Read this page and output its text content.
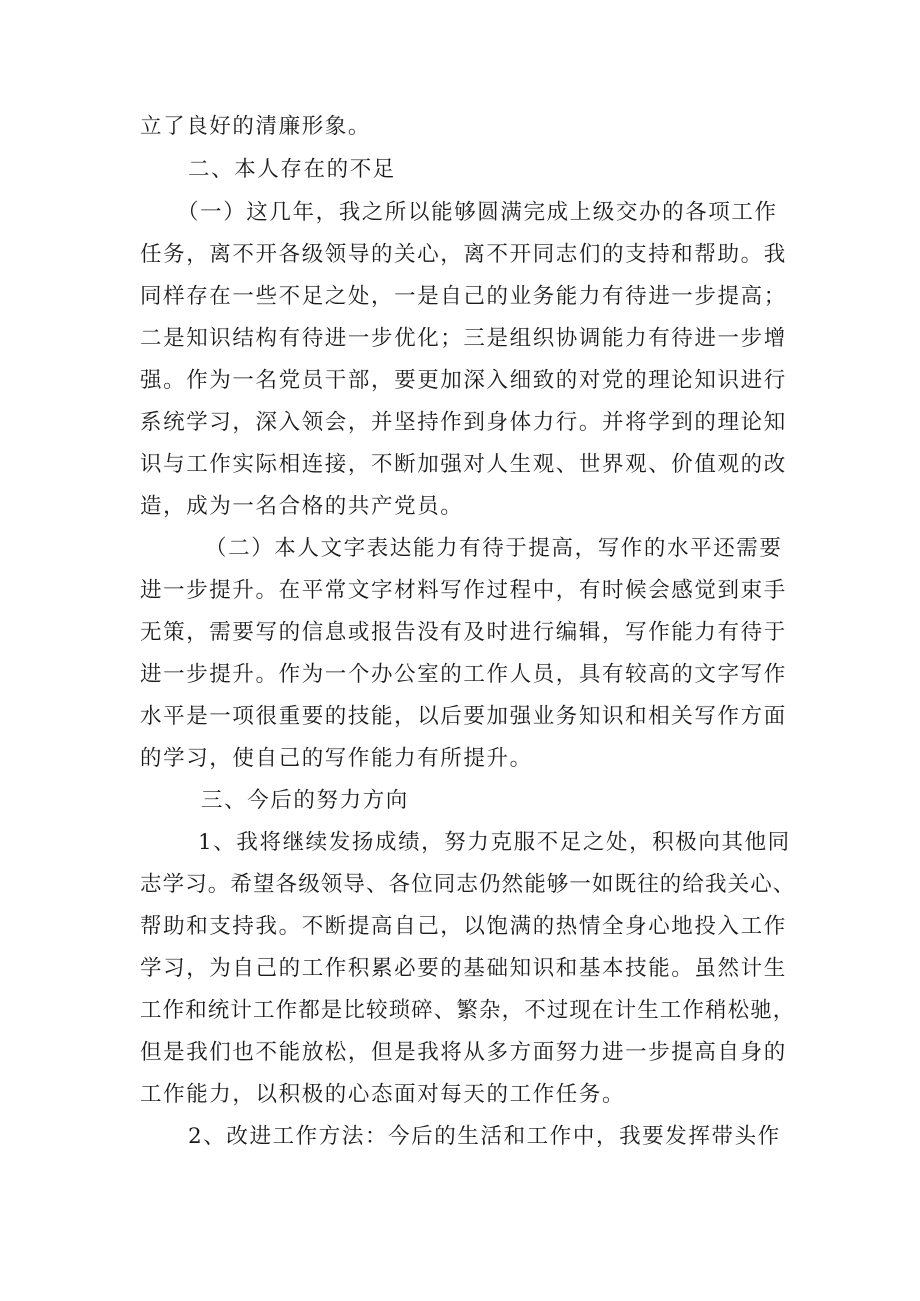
立了良好的清廉形象。

二、本人存在的不足

（一）这几年，我之所以能够圆满完成上级交办的各项工作

任务，离不开各级领导的关心，离不开同志们的支持和帮助。我

同样存在一些不足之处，一是自己的业务能力有待进一步提高；

二是知识结构有待进一步优化；三是组织协调能力有待进一步增

强。作为一名党员干部，要更加深入细致的对党的理论知识进行

系统学习，深入领会，并坚持作到身体力行。并将学到的理论知

识与工作实际相连接，不断加强对人生观、世界观、价值观的改

造，成为一名合格的共产党员。

（二）本人文字表达能力有待于提高，写作的水平还需要

进一步提升。在平常文字材料写作过程中，有时候会感觉到束手

无策，需要写的信息或报告没有及时进行编辑，写作能力有待于

进一步提升。作为一个办公室的工作人员，具有较高的文字写作

水平是一项很重要的技能，以后要加强业务知识和相关写作方面

的学习，使自己的写作能力有所提升。

三、今后的努力方向

1、我将继续发扬成绩，努力克服不足之处，积极向其他同

志学习。希望各级领导、各位同志仍然能够一如既往的给我关心、

帮助和支持我。不断提高自己，以饱满的热情全身心地投入工作

学习，为自己的工作积累必要的基础知识和基本技能。虽然计生

工作和统计工作都是比较琐碎、繁杂，不过现在计生工作稍松驰，

但是我们也不能放松，但是我将从多方面努力进一步提高自身的

工作能力，以积极的心态面对每天的工作任务。

2、改进工作方法：今后的生活和工作中，我要发挥带头作
